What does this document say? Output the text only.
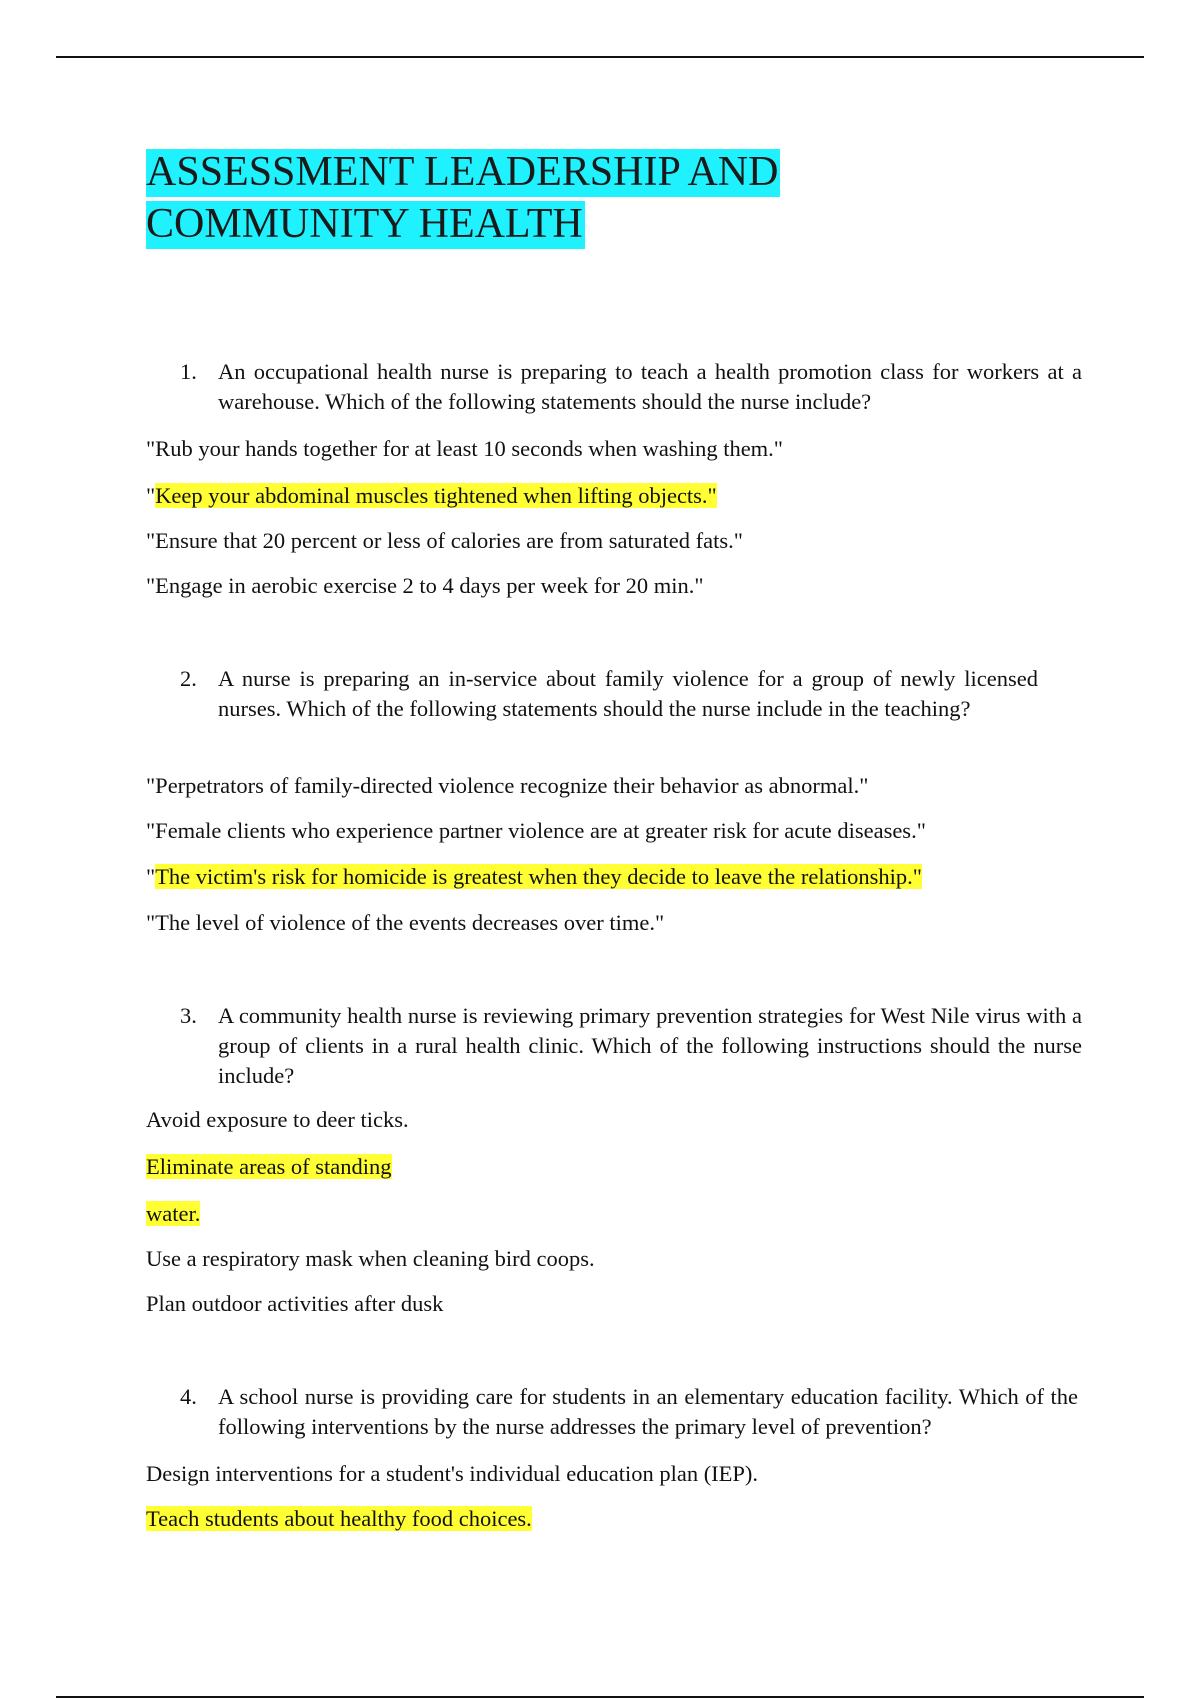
ASSESSMENT LEADERSHIP AND
COMMUNITY HEALTH
1. An occupational health nurse is preparing to teach a health promotion class for workers at a warehouse. Which of the following statements should the nurse include?
"Rub your hands together for at least 10 seconds when washing them."
"Keep your abdominal muscles tightened when lifting objects."
"Ensure that 20 percent or less of calories are from saturated fats."
"Engage in aerobic exercise 2 to 4 days per week for 20 min."
2. A nurse is preparing an in-service about family violence for a group of newly licensed nurses. Which of the following statements should the nurse include in the teaching?
"Perpetrators of family-directed violence recognize their behavior as abnormal."
"Female clients who experience partner violence are at greater risk for acute diseases."
"The victim's risk for homicide is greatest when they decide to leave the relationship."
"The level of violence of the events decreases over time."
3. A community health nurse is reviewing primary prevention strategies for West Nile virus with a group of clients in a rural health clinic. Which of the following instructions should the nurse include?
Avoid exposure to deer ticks.
Eliminate areas of standing
water.
Use a respiratory mask when cleaning bird coops.
Plan outdoor activities after dusk
4. A school nurse is providing care for students in an elementary education facility. Which of the following interventions by the nurse addresses the primary level of prevention?
Design interventions for a student's individual education plan (IEP).
Teach students about healthy food choices.
